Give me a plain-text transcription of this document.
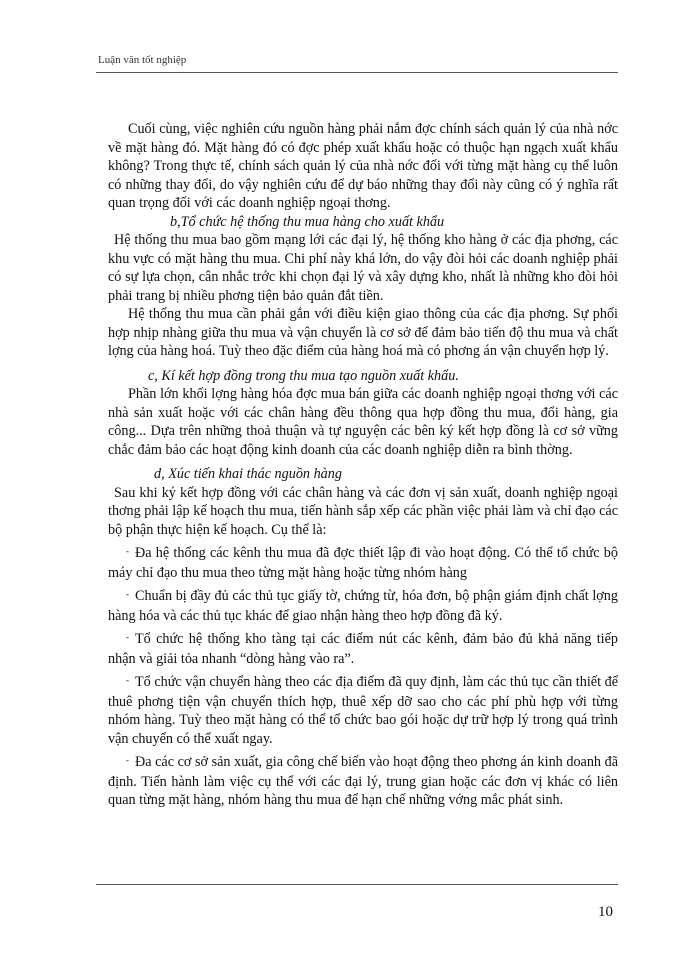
Luận văn tốt nghiệp

Cuối cùng, việc nghiên cứu nguồn hàng phải nắm đợc chính sách quản lý của nhà nớc về mặt hàng đó. Mặt hàng đó có đợc phép xuất khẩu hoặc có thuộc hạn ngạch xuất khẩu không? Trong thực tế, chính sách quản lý của nhà nớc đối với từng mặt hàng cụ thể luôn có những thay đổi, do vậy nghiên cứu để dự báo những thay đổi này cũng có ý nghĩa rất quan trọng đối với các doanh nghiệp ngoại thơng.

b,Tổ chức hệ thống thu mua hàng cho xuất khẩu

Hệ thống thu mua bao gồm mạng lới các đại lý, hệ thống kho hàng ở các địa phơng, các khu vực có mặt hàng thu mua. Chi phí này khá lớn, do vậy đòi hỏi các doanh nghiệp phải có sự lựa chọn, cân nhắc trớc khi chọn đại lý và xây dựng kho, nhất là những kho đòi hỏi phải trang bị nhiều phơng tiện bảo quản đắt tiền.

Hệ thống thu mua cần phải gắn với điều kiện giao thông của các địa phơng. Sự phối hợp nhịp nhàng giữa thu mua và vận chuyển là cơ sở để đảm bảo tiến độ thu mua và chất lợng của hàng hoá. Tuỳ theo đặc điểm của hàng hoá mà có phơng án vận chuyển hợp lý.

c, Kí kết hợp đồng trong thu mua tạo nguồn xuất khẩu.

Phần lớn khối lợng hàng hóa đợc mua bán giữa các doanh nghiệp ngoại thơng với các nhà sản xuất hoặc với các chân hàng đều thông qua hợp đồng thu mua, đổi hàng, gia công... Dựa trên những thoả thuận và tự nguyện các bên ký kết hợp đồng là cơ sở vững chắc đảm bảo các hoạt động kinh doanh của các doanh nghiệp diễn ra bình thờng.

d, Xúc tiến khai thác nguồn hàng

Sau khi ký kết hợp đồng với các chân hàng và các đơn vị sản xuất, doanh nghiệp ngoại thơng phải lập kế hoạch thu mua, tiến hành sắp xếp các phần việc phải làm và chỉ đạo các bộ phận thực hiện kế hoạch. Cụ thể là:

- Đa hệ thống các kênh thu mua đã đợc thiết lập đi vào hoạt động. Có thể tổ chức bộ máy chỉ đạo thu mua theo từng mặt hàng hoặc từng nhóm hàng

- Chuẩn bị đầy đủ các thủ tục giấy tờ, chứng từ, hóa đơn, bộ phận giám định chất lợng hàng hóa và các thủ tục khác để giao nhận hàng theo hợp đồng đã ký.

- Tổ chức hệ thống kho tàng tại các điểm nút các kênh, đảm bảo đủ khả năng tiếp nhận và giải tỏa nhanh “dòng hàng vào ra”.

- Tổ chức vận chuyển hàng theo các địa điểm đã quy định, làm các thủ tục cần thiết để thuê phơng tiện vận chuyển thích hợp, thuê xếp dỡ sao cho các phí phù hợp với từng nhóm hàng. Tuỳ theo mặt hàng có thể tổ chức bao gói hoặc dự trữ hợp lý trong quá trình vận chuyển có thể xuất ngay.

- Đa các cơ sở sản xuất, gia công chế biến vào hoạt động theo phơng án kinh doanh đã định. Tiến hành làm việc cụ thể với các đại lý, trung gian hoặc các đơn vị khác có liên quan từng mặt hàng, nhóm hàng thu mua để hạn chế những vớng mắc phát sinh.

10
